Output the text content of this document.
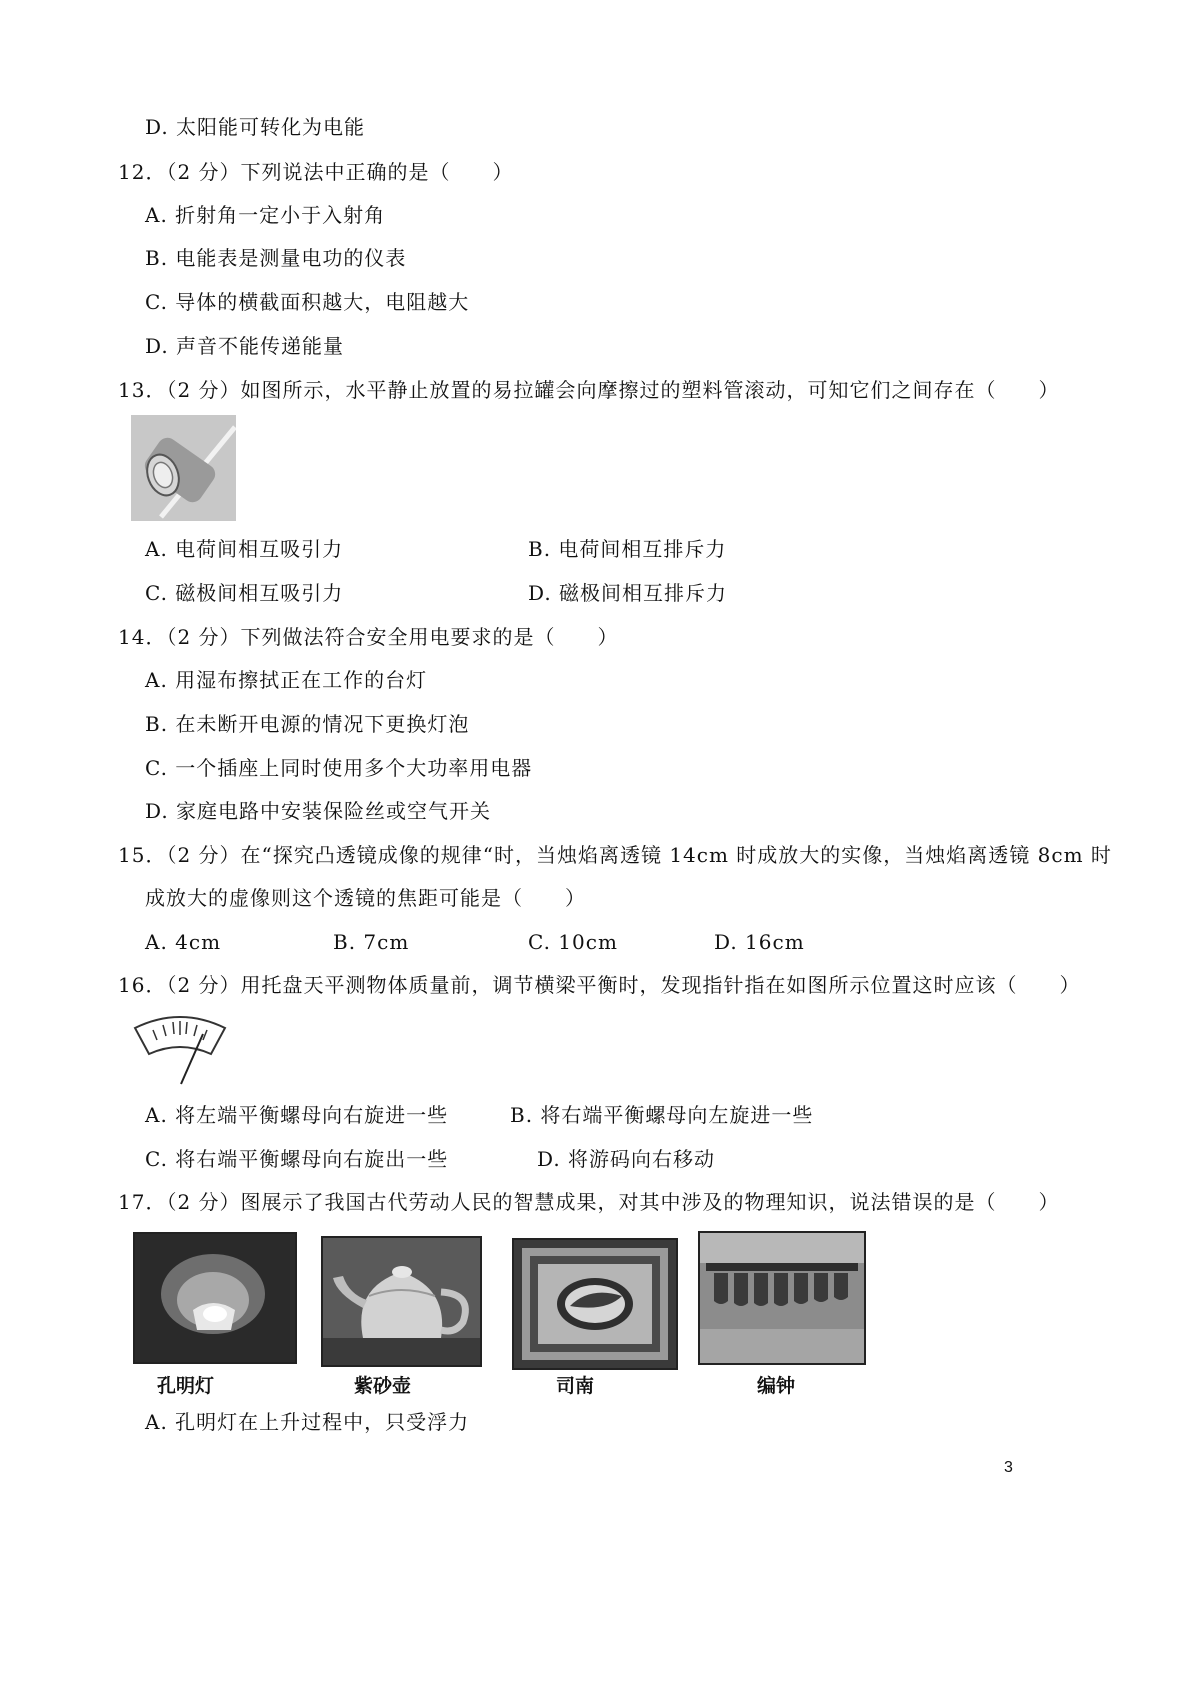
D. 太阳能可转化为电能
12．（2 分）下列说法中正确的是（　　）
A. 折射角一定小于入射角
B. 电能表是测量电功的仪表
C. 导体的横截面积越大，电阻越大
D. 声音不能传递能量
13．（2 分）如图所示，水平静止放置的易拉罐会向摩擦过的塑料管滚动，可知它们之间存在（　　）
A. 电荷间相互吸引力	B. 电荷间相互排斥力
C. 磁极间相互吸引力	D. 磁极间相互排斥力
14．（2 分）下列做法符合安全用电要求的是（　　）
A. 用湿布擦拭正在工作的台灯
B. 在未断开电源的情况下更换灯泡
C. 一个插座上同时使用多个大功率用电器
D. 家庭电路中安装保险丝或空气开关
15．（2 分）在“探究凸透镜成像的规律“时，当烛焰离透镜 14cm 时成放大的实像，当烛焰离透镜 8cm 时
成放大的虚像则这个透镜的焦距可能是（　　）
A. 4cm	B. 7cm	C. 10cm	D. 16cm
16．（2 分）用托盘天平测物体质量前，调节横梁平衡时，发现指针指在如图所示位置这时应该（　　）
A. 将左端平衡螺母向右旋进一些	B. 将右端平衡螺母向左旋进一些
C. 将右端平衡螺母向右旋出一些	D. 将游码向右移动
17．（2 分）图展示了我国古代劳动人民的智慧成果，对其中涉及的物理知识，说法错误的是（　　）
孔明灯	紫砂壶	司南	编钟
A. 孔明灯在上升过程中，只受浮力
3
